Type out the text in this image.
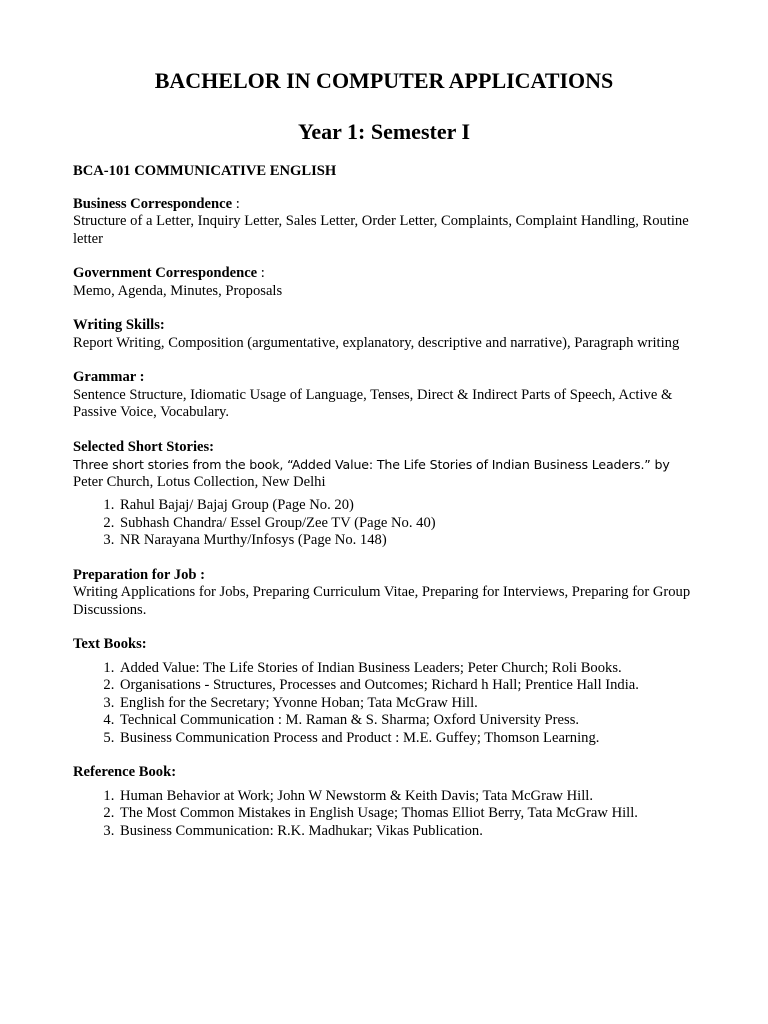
BACHELOR IN COMPUTER APPLICATIONS
Year 1: Semester I
BCA-101 COMMUNICATIVE ENGLISH
Business Correspondence :
Structure of a Letter, Inquiry Letter, Sales Letter, Order Letter, Complaints, Complaint Handling, Routine letter
Government Correspondence :
Memo, Agenda, Minutes, Proposals
Writing Skills:
Report Writing, Composition (argumentative, explanatory, descriptive and narrative), Paragraph writing
Grammar :
Sentence Structure, Idiomatic Usage of Language, Tenses, Direct & Indirect Parts of Speech, Active & Passive Voice, Vocabulary.
Selected Short Stories:
Three short stories from the book, “Added Value: The Life Stories of Indian Business Leaders.” by
Peter Church, Lotus Collection, New Delhi
1. Rahul Bajaj/ Bajaj Group (Page No. 20)
2. Subhash Chandra/ Essel Group/Zee TV (Page No. 40)
3. NR Narayana Murthy/Infosys (Page No. 148)
Preparation for Job :
Writing Applications for Jobs, Preparing Curriculum Vitae, Preparing for Interviews, Preparing for Group Discussions.
Text Books:
1. Added Value: The Life Stories of Indian Business Leaders; Peter Church; Roli Books.
2. Organisations - Structures, Processes and Outcomes; Richard h Hall; Prentice Hall India.
3. English for the Secretary; Yvonne Hoban; Tata McGraw Hill.
4. Technical Communication : M. Raman & S. Sharma; Oxford University Press.
5. Business Communication Process and Product : M.E. Guffey; Thomson Learning.
Reference Book:
1. Human Behavior at Work; John W Newstorm & Keith Davis; Tata McGraw Hill.
2. The Most Common Mistakes in English Usage; Thomas Elliot Berry, Tata McGraw Hill.
3. Business Communication: R.K. Madhukar; Vikas Publication.
